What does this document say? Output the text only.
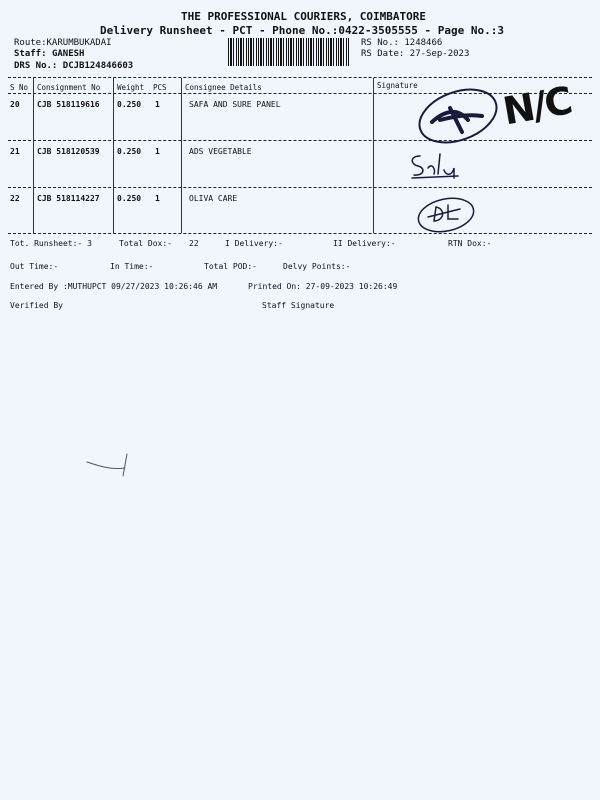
THE PROFESSIONAL COURIERS, COIMBATORE
Delivery Runsheet - PCT - Phone No.:0422-3505555 - Page No.:3
Route:KARUMBUKADAI
Staff: GANESH
DRS No.: DCJB124846603
RS No.: 1248466
RS Date: 27-Sep-2023
S No Consignment No Weight PCS Consignee Details	Signature
20 CJB 518119616 0.250 1	SAFA AND SURE PANEL
21 CJB 518120539 0.250 1	ADS VEGETABLE
22 CJB 518114227 0.250 1	OLIVA CARE
N/C
Tot. Runsheet:- 3	Total Dox:- 22	I Delivery:-	II Delivery:-	RTN Dox:-
Out Time:-	In Time:-	Total POD:-	Delvy Points:-
Entered By :MUTHUPCT 09/27/2023 10:26:46 AM	Printed On: 27-09-2023 10:26:49
Verified By	Staff Signature
